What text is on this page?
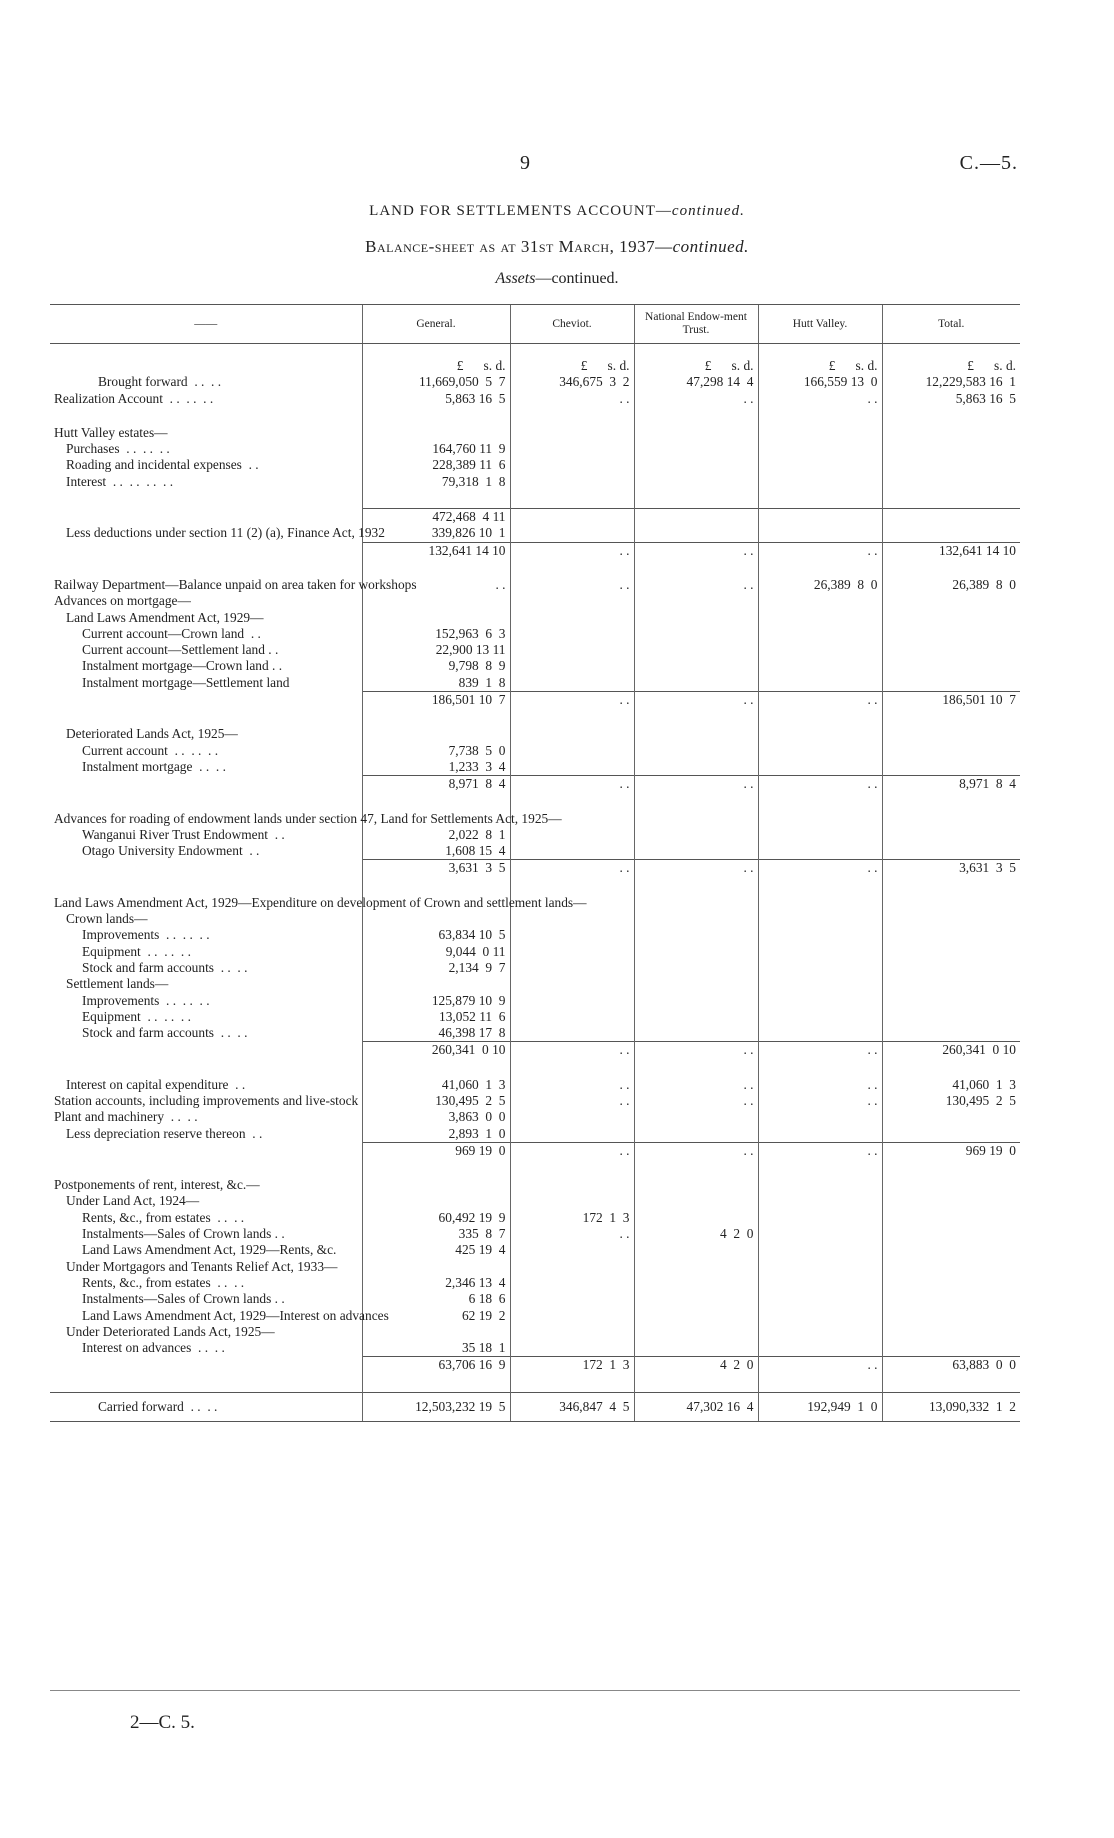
9	C.—5.
LAND FOR SETTLEMENTS ACCOUNT—continued.
Balance-sheet as at 31st March, 1937—continued.
Assets—continued.
——	General.	Cheviot.	National Endow-ment Trust.	Hutt Valley.	Total.
	£      s. d.	£      s. d.	£      s. d.	£      s. d.	£      s. d.
Brought forward  . .  . .	11,669,050  5  7	346,675  3  2	47,298 14  4	166,559 13  0	12,229,583 16  1
Realization Account  . .  . .  . .	5,863 16  5	. .	. .	. .	5,863 16  5

Hutt Valley estates—					
Purchases  . .  . .  . .	164,760 11  9				
Roading and incidental expenses  . .	228,389 11  6				
Interest  . .  . .  . .  . .	79,318  1  8				

	472,468  4 11				
Less deductions under section 11 (2) (a), Finance Act, 1932	339,826 10  1				
	132,641 14 10	. .	. .	. .	132,641 14 10

Railway Department—Balance unpaid on area taken for workshops	. .	. .	. .	26,389  8  0	26,389  8  0
Advances on mortgage—					
Land Laws Amendment Act, 1929—					
Current account—Crown land  . .	152,963  6  3				
Current account—Settlement land . .	22,900 13 11				
Instalment mortgage—Crown land . .	9,798  8  9				
Instalment mortgage—Settlement land	839  1  8				
	186,501 10  7	. .	. .	. .	186,501 10  7

Deteriorated Lands Act, 1925—					
Current account  . .  . .  . .	7,738  5  0				
Instalment mortgage  . .  . .	1,233  3  4				
	8,971  8  4	. .	. .	. .	8,971  8  4

Advances for roading of endowment lands under section 47, Land for Settlements Act, 1925—					
Wanganui River Trust Endowment  . .	2,022  8  1				
Otago University Endowment  . .	1,608 15  4				
	3,631  3  5	. .	. .	. .	3,631  3  5

Land Laws Amendment Act, 1929—Expenditure on development of Crown and settlement lands—					
Crown lands—					
Improvements  . .  . .  . .	63,834 10  5				
Equipment  . .  . .  . .	9,044  0 11				
Stock and farm accounts  . .  . .	2,134  9  7				
Settlement lands—					
Improvements  . .  . .  . .	125,879 10  9				
Equipment  . .  . .  . .	13,052 11  6				
Stock and farm accounts  . .  . .	46,398 17  8				
	260,341  0 10	. .	. .	. .	260,341  0 10

Interest on capital expenditure  . .	41,060  1  3	. .	. .	. .	41,060  1  3
Station accounts, including improvements and live-stock	130,495  2  5	. .	. .	. .	130,495  2  5
Plant and machinery  . .  . .	3,863  0  0				
Less depreciation reserve thereon  . .	2,893  1  0				
	969 19  0	. .	. .	. .	969 19  0

Postponements of rent, interest, &c.—					
Under Land Act, 1924—					
Rents, &c., from estates  . .  . .	60,492 19  9	172  1  3			
Instalments—Sales of Crown lands . .	335  8  7	. .	4  2  0		
Land Laws Amendment Act, 1929—Rents, &c.	425 19  4				
Under Mortgagors and Tenants Relief Act, 1933—					
Rents, &c., from estates  . .  . .	2,346 13  4				
Instalments—Sales of Crown lands . .	6 18  6				
Land Laws Amendment Act, 1929—Interest on advances	62 19  2				
Under Deteriorated Lands Act, 1925—					
Interest on advances  . .  . .	35 18  1				
	63,706 16  9	172  1  3	4  2  0	. .	63,883  0  0

Carried forward  . .  . .	12,503,232 19  5	346,847  4  5	47,302 16  4	192,949  1  0	13,090,332  1  2
2—C. 5.
